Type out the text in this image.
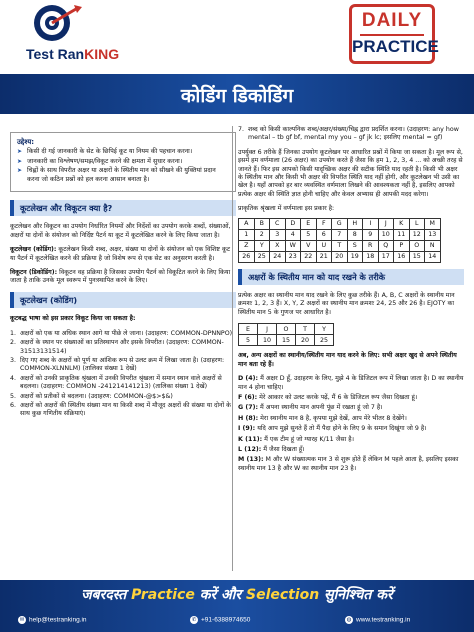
Test RanKING
DAILY
PRACTICE
कोडिंग डिकोडिंग
उद्देश्य:
➤ किसी दी गई जानकारी के सेट के छिपिई कूट या नियम की पहचान करना।
➤ जानकारी का विश्लेषण/समझ/विकूट करने की क्षमता में सुधार करना।
➤ चिह्नों के साथ विपरीत अक्षर या अक्षरों के स्थितीय मान को सीखने की युक्तियां प्रदान करना जो कठिन प्रश्नों को हल करना आसान बनाता है।
कूटलेखन और विकूटन क्या है?

कूटलेखन और विकूटन का उपयोग निर्धारित नियमों और निर्देशों का उपयोग करके शब्दों, संख्याओं, अक्षरों या दोनों के संयोजन को निर्दिष्ट पैटर्न या कूट में कूटलेखित करने के लिए किया जाता है।

कूटलेखन (कोडिंग): कूटलेखन किसी शब्द, अक्षर, संख्या या दोनों के संयोजन को एक विशिष्ट कूट या पैटर्न में कूटलेखित करने की प्रक्रिया है जो विशेष रूप से एक सेट का अनुसरण करती है।

विकूटन (डिकोडिंग): विकूटन वह प्रक्रिया है जिसका उपयोग पैटर्न को विकूटित करने के लिए किया जाता है ताकि उनके मूल स्वरूप में पुनःस्थापित करने के लिए।

कूटलेखन (कोडिंग)

कूटबद्ध भाषा को इस प्रकार विकूट किया जा सकता है:

1. अक्षरों को एक या अधिक स्थान आगे या पीछे ले जाना। (उदाहरण: COMMON-DPNNPO)
2. अक्षरों के स्थान पर संख्याओं का प्रतिस्थापन और इसके विपरीत। (उदाहरण: COMMON- 31513131514)
3. दिए गए शब्द के अक्षरों को पूर्ण या आंशिक रूप से उलट क्रम में लिखा जाता है। (उदाहरण: COMMON-XLNNLM) (तालिका संख्या 1 देखें)
4. अक्षरों को उनकी प्राकृतिक श्रृंखला में उनकी विपरीत श्रृंखला में समान स्थान वाले अक्षरों से बदलना। (उदाहरण: COMMON -241214141213) (तालिका संख्या 1 देखें)
5. अक्षरों को प्रतीकों से बदलना। (उदाहरण: COMMON-@$>$&)
6. अक्षरों को अक्षरों की स्थितीय संख्या मान या किसी शब्द में मौजूद अक्षरों की संख्या या दोनों के साथ कुछ गणितीय संक्रियाएं।
7. शब्द को किसी काल्पनिक शब्द/अक्षर/संख्या/चिह्न द्वारा प्रदर्शित करना। (उदाहरण: any how mental – tb gf bf, mental my you – gf jk lc; इसलिए mental = gf)

उपर्युक्त 6 तरीके हैं जिनका उपयोग कूटलेखन पर आधारित प्रश्नों में किया जा सकता है। मूल रूप से, इसमें हम वर्णमाला (26 अक्षर) का उपयोग करते हैं जैसा कि हम 1, 2, 3, 4 ... को अच्छी तरह से जानते हैं। फिर इस आपको किसी यादृच्छिक अक्षर की सटीक स्थिति याद रहती है। किसी भी अक्षर के स्थितीय मान और किसी भी अक्षर की विपरीत स्थिति याद नहीं होगी, और कूटलेखन भी उसी का खेल है। यहाँ आपको हर बार व्यवस्थित वर्णमाला लिखने की आवश्यकता नहीं है, इसलिए आपको प्रत्येक अक्षर की स्थिति ज्ञात होनी चाहिए और केवल अभ्यास ही आपकी मदद करेगा।

प्राकृतिक श्रृंखला में वर्णमाला इस प्रकार है:

A	B	C	D	E	F	G	H	I	J	K	L	M
1	2	3	4	5	6	7	8	9	10	11	12	13
Z	Y	X	W	V	U	T	S	R	Q	P	O	N
26	25	24	23	22	21	20	19	18	17	16	15	14
अक्षरों के स्थितीय मान को याद रखने के तरीके

प्रत्येक अक्षर का स्थानीय मान याद रखने के लिए कुछ तरीके हैं। A, B, C अक्षरों के स्थानीय मान क्रमशः 1, 2, 3 हैं। X, Y, Z अक्षरों का स्थानीय मान क्रमशः 24, 25 और 26 है। EJOTY का स्थितीय मान 5 के गुणज पर आधारित है।

E	J	O	T	Y
5	10	15	20	25

अब, अन्य अक्षरों का स्थानीय/स्थितीय मान याद करने के लिए: सभी अक्षर खुद से अपने स्थितीय मान बता रहे हैं।

D (4): मैं अक्षर D हूँ, उदाहरण के लिए, मुझे 4 के डिजिटल रूप में लिखा जाता है। D का स्थानीय मान 4 होना चाहिए।
F (6): मेरे आकार को उलट करके पढ़ें, मैं 6 के डिजिटल रूप जैसा दिखता हूं।
G (7): मैं अपना स्थानीय मान अपनी पूंछ में रखता हूं जो 7 है।
H (8): मेरा स्थानीय मान 8 है, कृपया मुझे देखें, आप मेरे भीतर 8 देखेंगे।
I (9): यदि आप मुझे सुनते हैं तो मैं पैदा होने के लिए 9 के समान दिखूंगा जो 9 है।
K (11): मैं एक टीम हूं जो ग्यारह K/11 जैसा है।
L (12): मैं जैसा दिखता हूँ।
M (13): M और W संख्यात्मक मान 3 से शुरू होते हैं लेकिन M पहले आता है, इसलिए इसका स्थानीय मान 13 है और W का स्थानीय मान 23 है।
जबरदस्त Practice करें और Selection सुनिश्चित करें
✉ help@testranking.in	✆ +91-6388974650	◍ www.testranking.in
